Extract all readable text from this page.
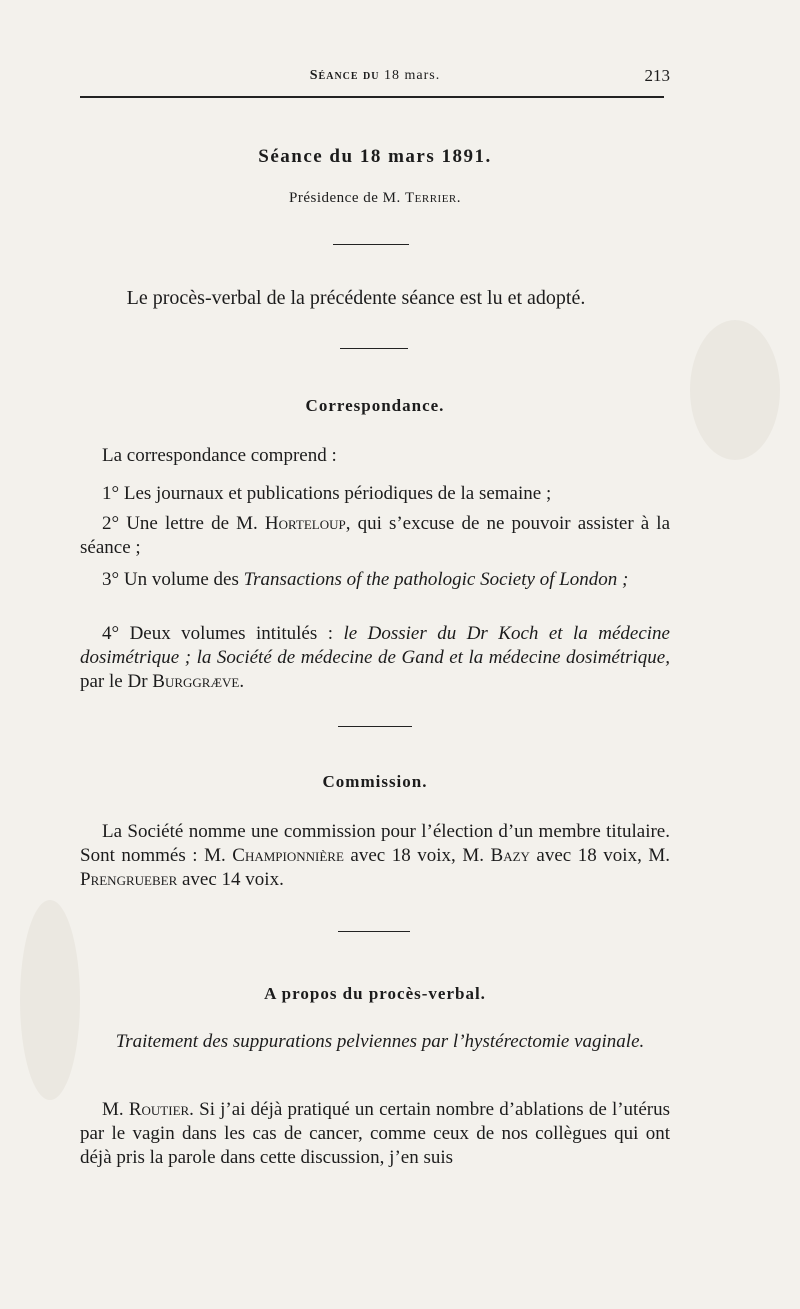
Séance du 18 mars.	213
Séance du 18 mars 1891.
Présidence de M. Terrier.
Le procès-verbal de la précédente séance est lu et adopté.
Correspondance.
La correspondance comprend :
1° Les journaux et publications périodiques de la semaine ;
2° Une lettre de M. Horteloup, qui s’excuse de ne pouvoir assister à la séance ;
3° Un volume des Transactions of the pathologic Society of London ;
4° Deux volumes intitulés : le Dossier du Dr Koch et la médecine dosimétrique ; la Société de médecine de Gand et la médecine dosimétrique, par le Dr Burggræve.
Commission.
La Société nomme une commission pour l’élection d’un membre titulaire. Sont nommés : M. Championnière avec 18 voix, M. Bazy avec 18 voix, M. Prengrueber avec 14 voix.
A propos du procès-verbal.
Traitement des suppurations pelviennes par l’hystérectomie vaginale.
M. Routier. Si j’ai déjà pratiqué un certain nombre d’ablations de l’utérus par le vagin dans les cas de cancer, comme ceux de nos collègues qui ont déjà pris la parole dans cette discussion, j’en suis
